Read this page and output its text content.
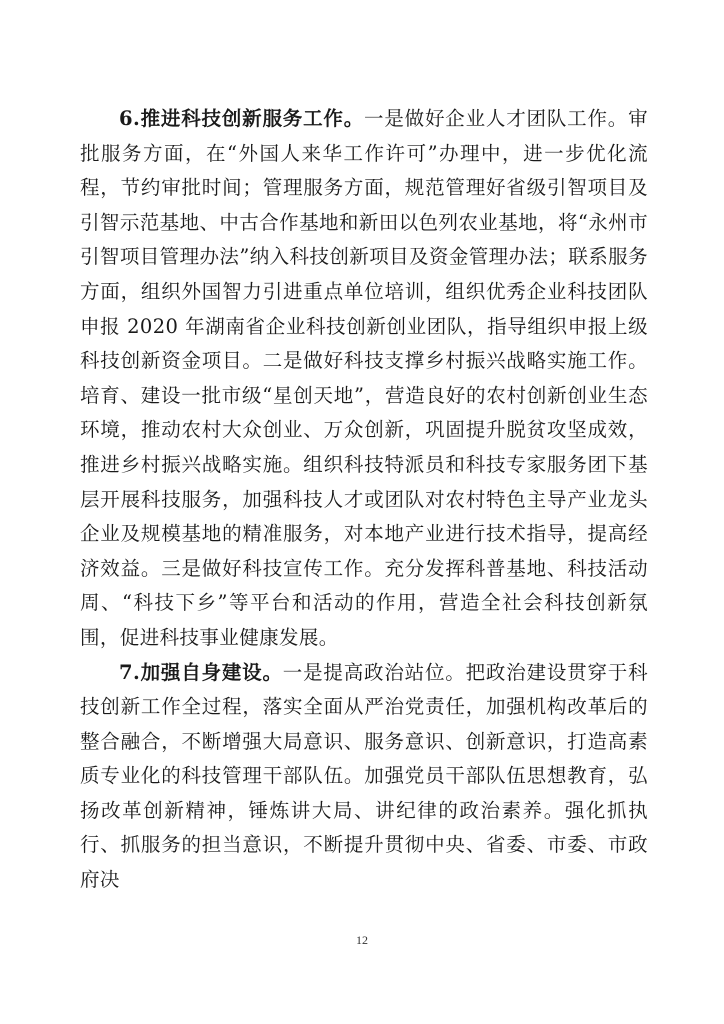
6.推进科技创新服务工作。一是做好企业人才团队工作。审批服务方面，在“外国人来华工作许可”办理中，进一步优化流程，节约审批时间；管理服务方面，规范管理好省级引智项目及引智示范基地、中古合作基地和新田以色列农业基地，将“永州市引智项目管理办法”纳入科技创新项目及资金管理办法；联系服务方面，组织外国智力引进重点单位培训，组织优秀企业科技团队申报 2020 年湖南省企业科技创新创业团队，指导组织申报上级科技创新资金项目。二是做好科技支撑乡村振兴战略实施工作。培育、建设一批市级“星创天地”，营造良好的农村创新创业生态环境，推动农村大众创业、万众创新，巩固提升脱贫攻坚成效，推进乡村振兴战略实施。组织科技特派员和科技专家服务团下基层开展科技服务，加强科技人才或团队对农村特色主导产业龙头企业及规模基地的精准服务，对本地产业进行技术指导，提高经济效益。三是做好科技宣传工作。充分发挥科普基地、科技活动周、“科技下乡”等平台和活动的作用，营造全社会科技创新氛围，促进科技事业健康发展。

7.加强自身建设。一是提高政治站位。把政治建设贯穿于科技创新工作全过程，落实全面从严治党责任，加强机构改革后的整合融合，不断增强大局意识、服务意识、创新意识，打造高素质专业化的科技管理干部队伍。加强党员干部队伍思想教育，弘扬改革创新精神，锤炼讲大局、讲纪律的政治素养。强化抓执行、抓服务的担当意识，不断提升贯彻中央、省委、市委、市政府决

12
